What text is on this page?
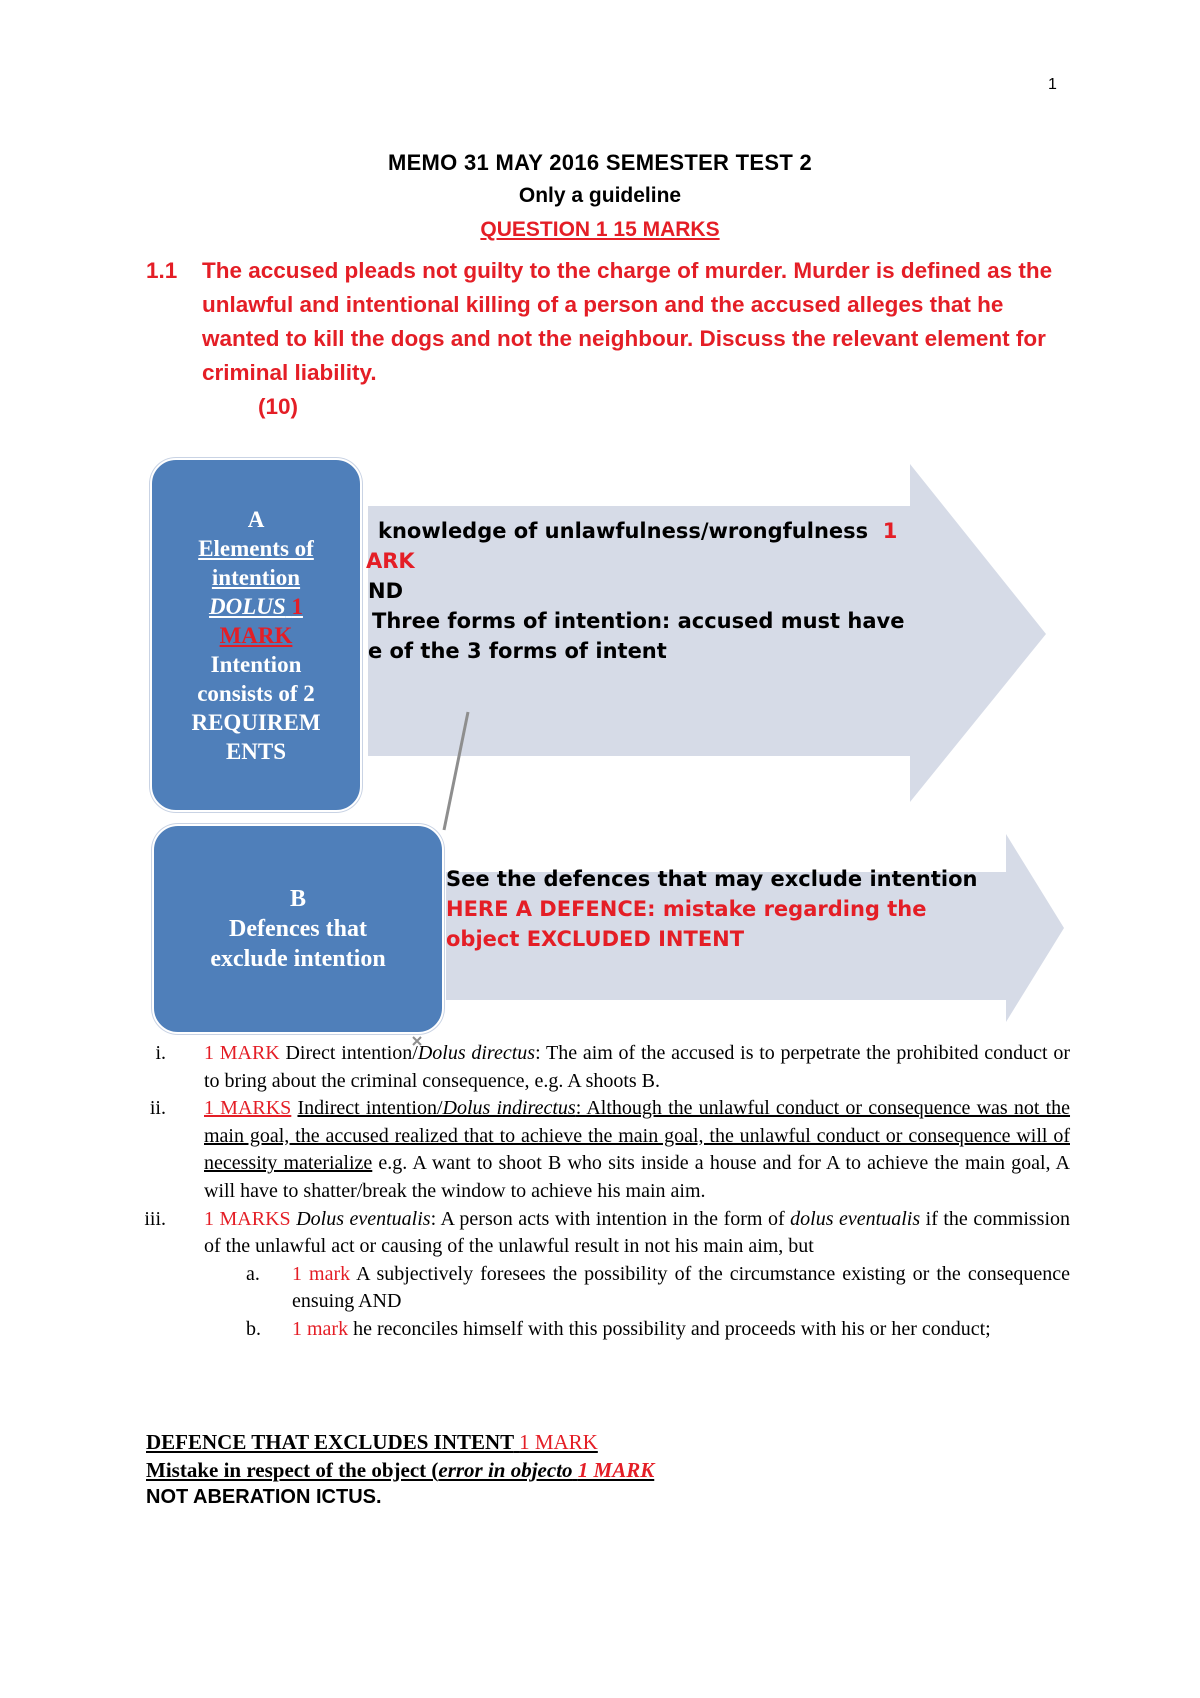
1
MEMO 31 MAY 2016 SEMESTER TEST 2
Only a guideline
QUESTION 1 15 MARKS
1.1 The accused pleads not guilty to the charge of murder. Murder is defined as the unlawful and intentional killing of a person and the accused alleges that he wanted to kill the dogs and not the neighbour. Discuss the relevant element for criminal liability.
(10)
knowledge of unlawfulness/wrongfulness 1
ARK
ND
Three forms of intention: accused must have
e of the 3 forms of intent
See the defences that may exclude intention
HERE A DEFENCE: mistake regarding the
object EXCLUDED INTENT
A
Elements of
intention
DOLUS 1
MARK
Intention
consists of 2
REQUIREM
ENTS
B
Defences that
exclude intention
i. 1 MARK Direct intention/Dolus directus: The aim of the accused is to perpetrate the prohibited conduct or to bring about the criminal consequence, e.g. A shoots B.
ii. 1 MARKS Indirect intention/Dolus indirectus: Although the unlawful conduct or consequence was not the main goal, the accused realized that to achieve the main goal, the unlawful conduct or consequence will of necessity materialize e.g. A want to shoot B who sits inside a house and for A to achieve the main goal, A will have to shatter/break the window to achieve his main aim.
iii. 1 MARKS Dolus eventualis: A person acts with intention in the form of dolus eventualis if the commission of the unlawful act or causing of the unlawful result in not his main aim, but
a. 1 mark A subjectively foresees the possibility of the circumstance existing or the consequence ensuing AND
b. 1 mark he reconciles himself with this possibility and proceeds with his or her conduct;
DEFENCE THAT EXCLUDES INTENT 1 MARK
Mistake in respect of the object (error in objecto 1 MARK
NOT ABERATION ICTUS.
